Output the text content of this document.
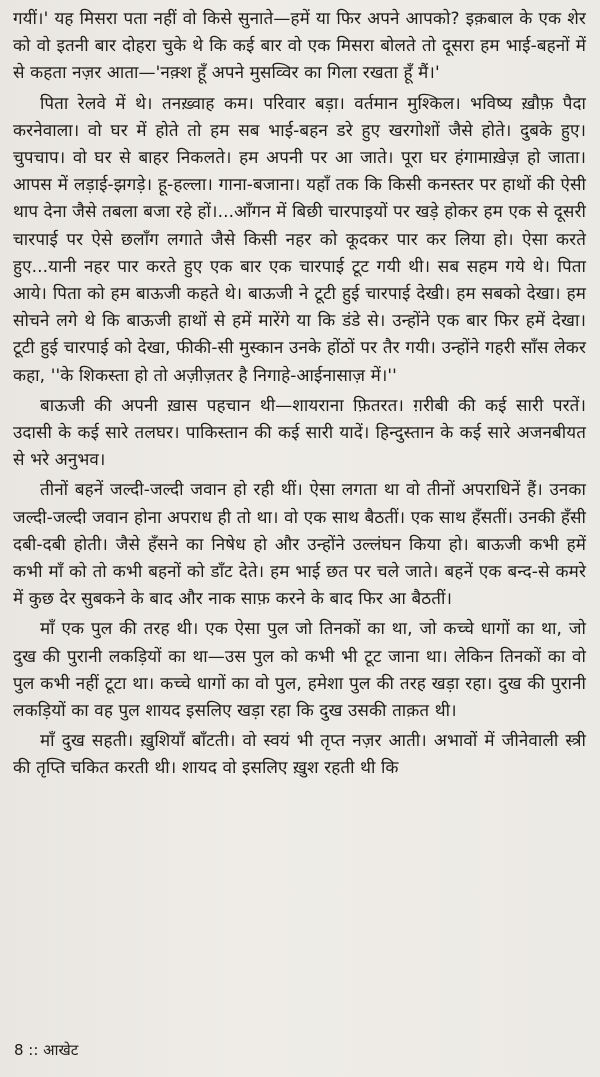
गयीं।' यह मिसरा पता नहीं वो किसे सुनाते—हमें या फिर अपने आपको? इक़बाल के एक शेर को वो इतनी बार दोहरा चुके थे कि कई बार वो एक मिसरा बोलते तो दूसरा हम भाई-बहनों में से कहता नज़र आता—'नक़्श हूँ अपने मुसव्विर का गिला रखता हूँ मैं।'

पिता रेलवे में थे। तनख़्वाह कम। परिवार बड़ा। वर्तमान मुश्किल। भविष्य ख़ौफ़ पैदा करनेवाला। वो घर में होते तो हम सब भाई-बहन डरे हुए खरगोशों जैसे होते। दुबके हुए। चुपचाप। वो घर से बाहर निकलते। हम अपनी पर आ जाते। पूरा घर हंगामाख़ेज़ हो जाता। आपस में लड़ाई-झगड़े। हू-हल्ला। गाना-बजाना। यहाँ तक कि किसी कनस्तर पर हाथों की ऐसी थाप देना जैसे तबला बजा रहे हों।...आँगन में बिछी चारपाइयों पर खड़े होकर हम एक से दूसरी चारपाई पर ऐसे छलाँग लगाते जैसे किसी नहर को कूदकर पार कर लिया हो। ऐसा करते हुए...यानी नहर पार करते हुए एक बार एक चारपाई टूट गयी थी। सब सहम गये थे। पिता आये। पिता को हम बाऊजी कहते थे। बाऊजी ने टूटी हुई चारपाई देखी। हम सबको देखा। हम सोचने लगे थे कि बाऊजी हाथों से हमें मारेंगे या कि डंडे से। उन्होंने एक बार फिर हमें देखा। टूटी हुई चारपाई को देखा, फीकी-सी मुस्कान उनके होंठों पर तैर गयी। उन्होंने गहरी साँस लेकर कहा, ''के शिकस्ता हो तो अज़ीज़तर है निगाहे-आईनासाज़ में।''

बाऊजी की अपनी ख़ास पहचान थी—शायराना फ़ितरत। ग़रीबी की कई सारी परतें। उदासी के कई सारे तलघर। पाकिस्तान की कई सारी यादें। हिन्दुस्तान के कई सारे अजनबीयत से भरे अनुभव।

तीनों बहनें जल्दी-जल्दी जवान हो रही थीं। ऐसा लगता था वो तीनों अपराधिनें हैं। उनका जल्दी-जल्दी जवान होना अपराध ही तो था। वो एक साथ बैठतीं। एक साथ हँसतीं। उनकी हँसी दबी-दबी होती। जैसे हँसने का निषेध हो और उन्होंने उल्लंघन किया हो। बाऊजी कभी हमें कभी माँ को तो कभी बहनों को डाँट देते। हम भाई छत पर चले जाते। बहनें एक बन्द-से कमरे में कुछ देर सुबकने के बाद और नाक साफ़ करने के बाद फिर आ बैठतीं।

माँ एक पुल की तरह थी। एक ऐसा पुल जो तिनकों का था, जो कच्चे धागों का था, जो दुख की पुरानी लकड़ियों का था—उस पुल को कभी भी टूट जाना था। लेकिन तिनकों का वो पुल कभी नहीं टूटा था। कच्चे धागों का वो पुल, हमेशा पुल की तरह खड़ा रहा। दुख की पुरानी लकड़ियों का वह पुल शायद इसलिए खड़ा रहा कि दुख उसकी ताक़त थी।

माँ दुख सहती। ख़ुशियाँ बाँटती। वो स्वयं भी तृप्त नज़र आती। अभावों में जीनेवाली स्त्री की तृप्ति चकित करती थी। शायद वो इसलिए ख़ुश रहती थी कि

8 :: आखेट
